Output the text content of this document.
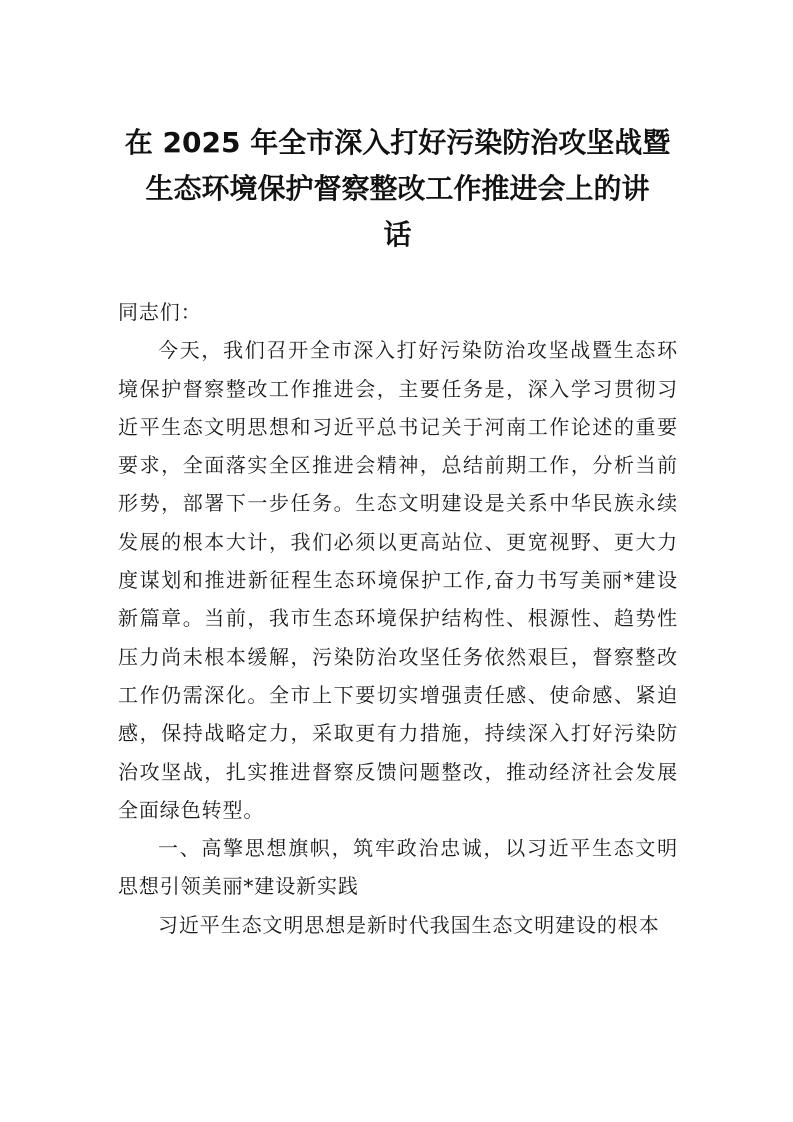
在 2025 年全市深入打好污染防治攻坚战暨
生态环境保护督察整改工作推进会上的讲
话
同志们：

今天，我们召开全市深入打好污染防治攻坚战暨生态环境保护督察整改工作推进会，主要任务是，深入学习贯彻习近平生态文明思想和习近平总书记关于河南工作论述的重要要求，全面落实全区推进会精神，总结前期工作，分析当前形势，部署下一步任务。生态文明建设是关系中华民族永续发展的根本大计，我们必须以更高站位、更宽视野、更大力度谋划和推进新征程生态环境保护工作,奋力书写美丽*建设新篇章。当前，我市生态环境保护结构性、根源性、趋势性压力尚未根本缓解，污染防治攻坚任务依然艰巨，督察整改工作仍需深化。全市上下要切实增强责任感、使命感、紧迫感，保持战略定力，采取更有力措施，持续深入打好污染防治攻坚战，扎实推进督察反馈问题整改，推动经济社会发展全面绿色转型。

一、高擎思想旗帜，筑牢政治忠诚，以习近平生态文明思想引领美丽*建设新实践

习近平生态文明思想是新时代我国生态文明建设的根本
